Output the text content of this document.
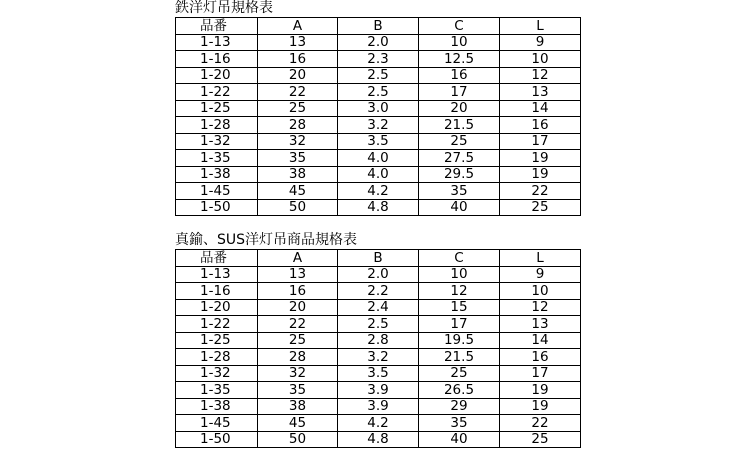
鉄洋灯吊規格表
品番	A	B	C	L
1-13	13	2.0	10	9
1-16	16	2.3	12.5	10
1-20	20	2.5	16	12
1-22	22	2.5	17	13
1-25	25	3.0	20	14
1-28	28	3.2	21.5	16
1-32	32	3.5	25	17
1-35	35	4.0	27.5	19
1-38	38	4.0	29.5	19
1-45	45	4.2	35	22
1-50	50	4.8	40	25
真鍮、SUS洋灯吊商品規格表
品番	A	B	C	L
1-13	13	2.0	10	9
1-16	16	2.2	12	10
1-20	20	2.4	15	12
1-22	22	2.5	17	13
1-25	25	2.8	19.5	14
1-28	28	3.2	21.5	16
1-32	32	3.5	25	17
1-35	35	3.9	26.5	19
1-38	38	3.9	29	19
1-45	45	4.2	35	22
1-50	50	4.8	40	25
